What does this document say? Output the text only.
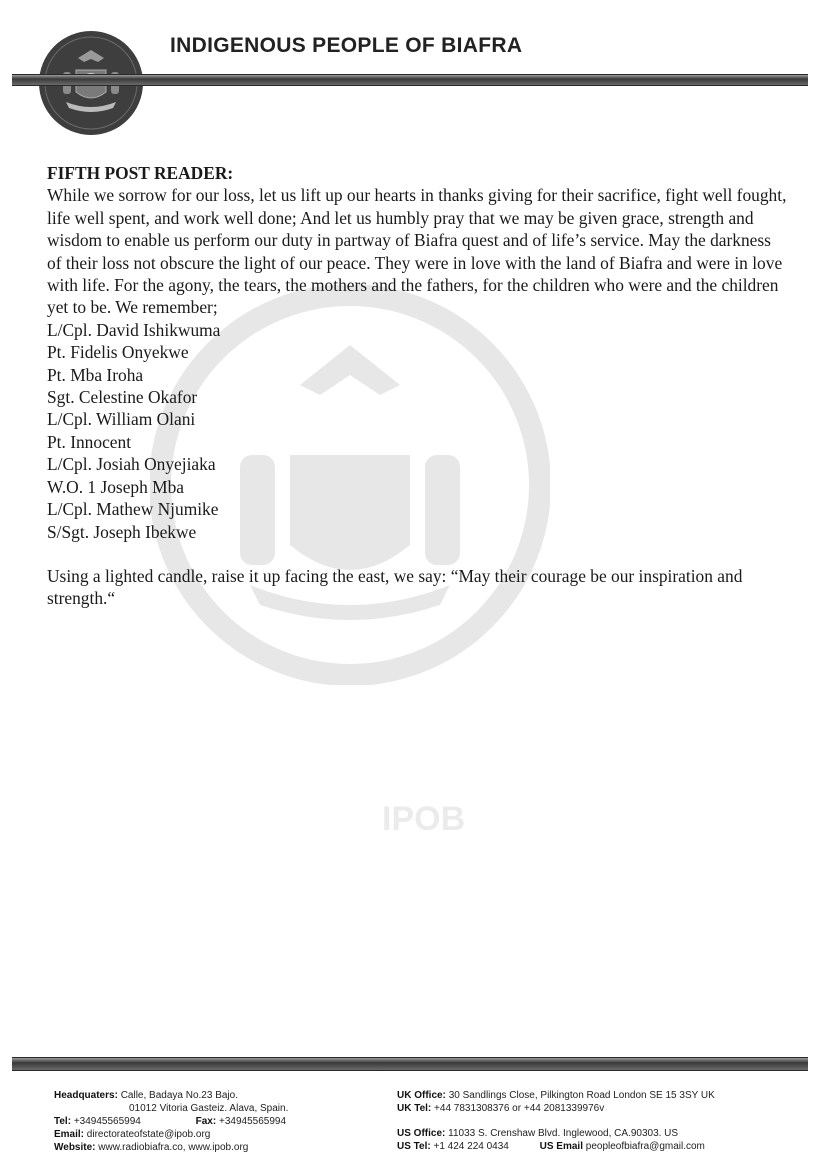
INDIGENOUS PEOPLE OF BIAFRA
IPOB

FIFTH POST READER:

While we sorrow for our loss, let us lift up our hearts in thanks giving for their sacrifice, fight well fought, life well spent, and work well done; And let us humbly pray that we may be given grace, strength and wisdom to enable us perform our duty in partway of Biafra quest and of life’s service. May the darkness of their loss not obscure the light of our peace. They were in love with the land of Biafra and were in love with life. For the agony, the tears, the mothers and the fathers, for the children who were and the children yet to be. We remember;

L/Cpl. David Ishikwuma
Pt. Fidelis Onyekwe
Pt. Mba Iroha
Sgt. Celestine Okafor
L/Cpl. William Olani
Pt. Innocent
L/Cpl. Josiah Onyejiaka
W.O. 1 Joseph Mba
L/Cpl. Mathew Njumike
S/Sgt. Joseph Ibekwe

Using a lighted candle, raise it up facing the east, we say: “May their courage be our inspiration and strength.“

Headquaters: Calle, Badaya No.23 Bajo.
01012 Vitoria Gasteiz. Alava, Spain.
Tel: +34945565994	Fax: +34945565994
Email: directorateofstate@ipob.org
Website: www.radiobiafra.co, www.ipob.org
UK Office: 30 Sandlings Close, Pilkington Road London SE 15 3SY UK
UK Tel: +44 7831308376 or +44 2081339976v
US Office: 11033 S. Crenshaw Blvd. Inglewood, CA.90303. US
US Tel: +1 424 224 0434	US Email peopleofbiafra@gmail.com
